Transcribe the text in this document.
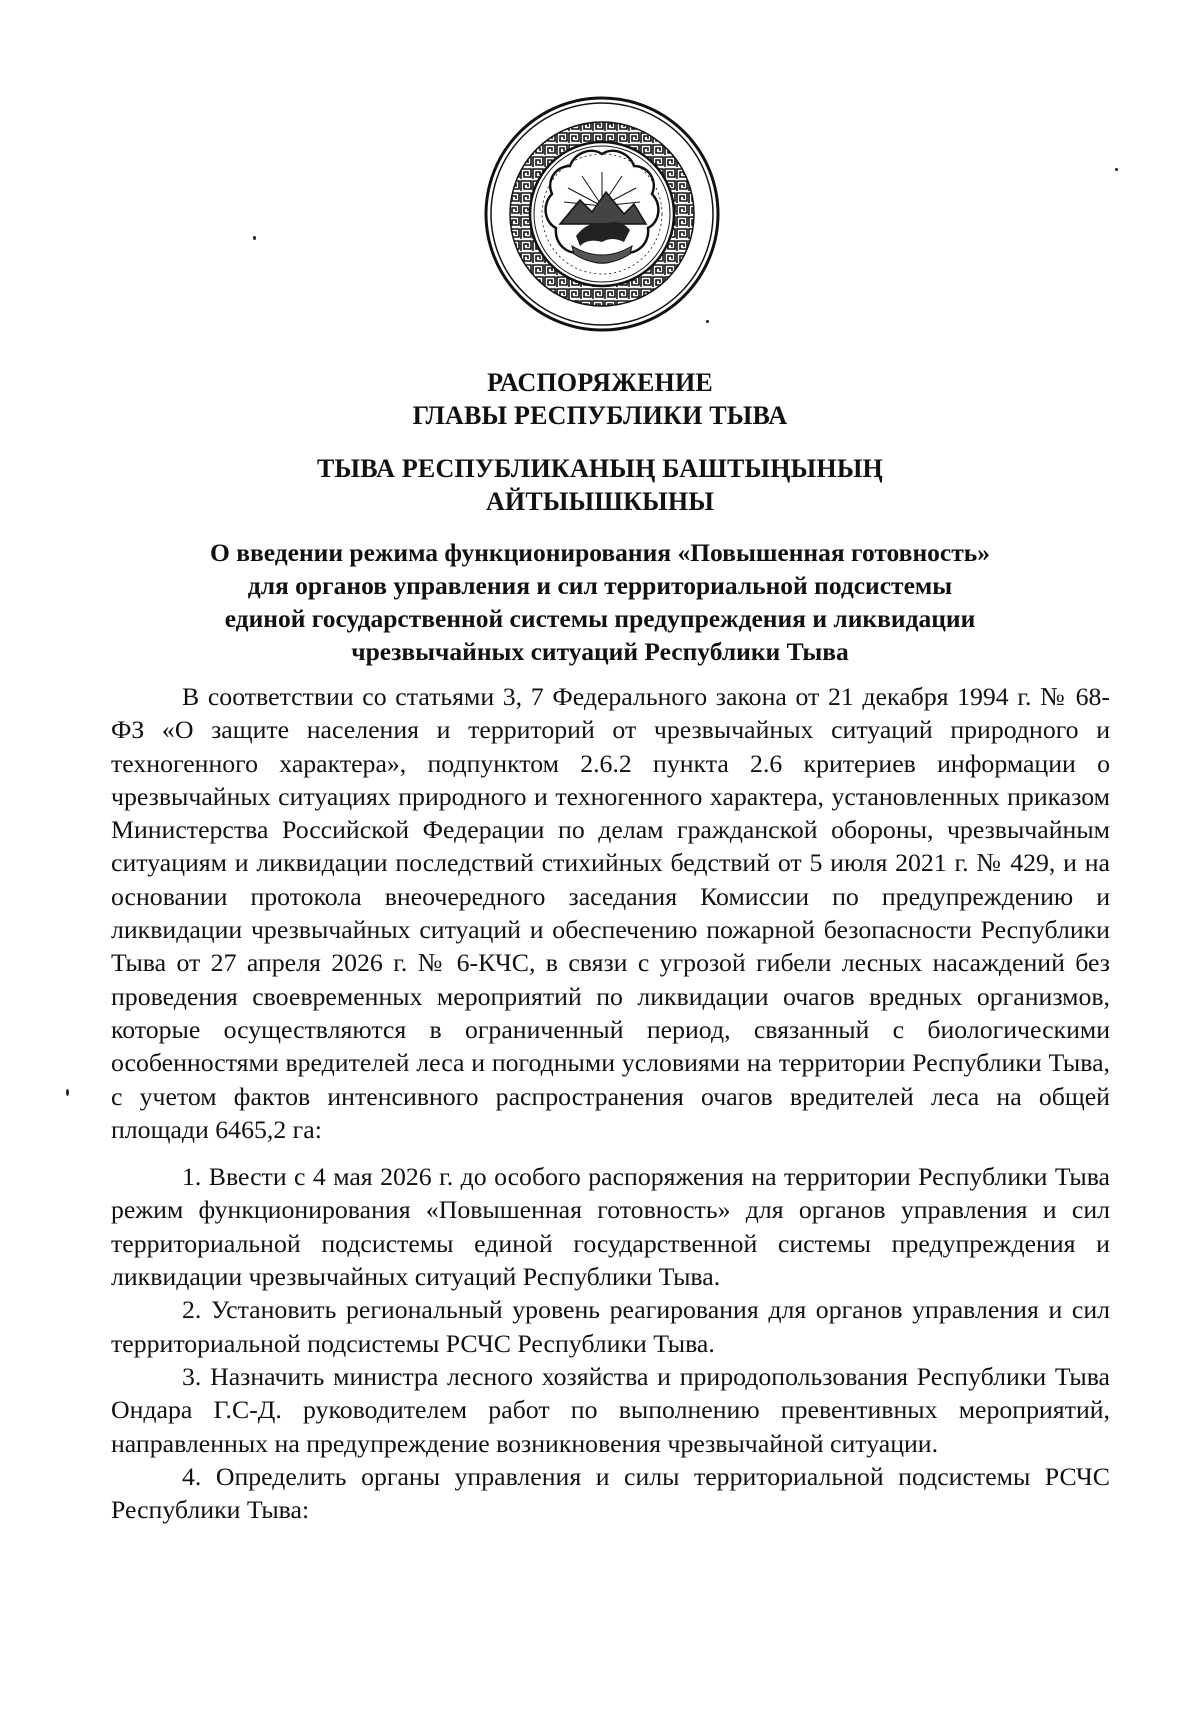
РАСПОРЯЖЕНИЕ
ГЛАВЫ РЕСПУБЛИКИ ТЫВА
ТЫВА РЕСПУБЛИКАНЫҢ БАШТЫҢЫНЫҢ
АЙТЫЫШКЫНЫ
О введении режима функционирования «Повышенная готовность»
для органов управления и сил территориальной подсистемы
единой государственной системы предупреждения и ликвидации
чрезвычайных ситуаций Республики Тыва

В соответствии со статьями 3, 7 Федерального закона от 21 декабря 1994 г. № 68-ФЗ «О защите населения и территорий от чрезвычайных ситуаций природного и техногенного характера», подпунктом 2.6.2 пункта 2.6 критериев информации о чрезвычайных ситуациях природного и техногенного характера, установленных приказом Министерства Российской Федерации по делам гражданской обороны, чрезвычайным ситуациям и ликвидации последствий стихийных бедствий от 5 июля 2021 г. № 429, и на основании протокола внеочередного заседания Комиссии по предупреждению и ликвидации чрезвычайных ситуаций и обеспечению пожарной безопасности Республики Тыва от 27 апреля 2026 г. № 6-КЧС, в связи с угрозой гибели лесных насаждений без проведения своевременных мероприятий по ликвидации очагов вредных организмов, которые осуществляются в ограниченный период, связанный с биологическими особенностями вредителей леса и погодными условиями на территории Республики Тыва, с учетом фактов интенсивного распространения очагов вредителей леса на общей площади 6465,2 га:

1. Ввести с 4 мая 2026 г. до особого распоряжения на территории Республики Тыва режим функционирования «Повышенная готовность» для органов управления и сил территориальной подсистемы единой государственной системы предупреждения и ликвидации чрезвычайных ситуаций Республики Тыва.

2. Установить региональный уровень реагирования для органов управления и сил территориальной подсистемы РСЧС Республики Тыва.

3. Назначить министра лесного хозяйства и природопользования Республики Тыва Ондара Г.С-Д. руководителем работ по выполнению превентивных мероприятий, направленных на предупреждение возникновения чрезвычайной ситуации.

4. Определить органы управления и силы территориальной подсистемы РСЧС Республики Тыва:
